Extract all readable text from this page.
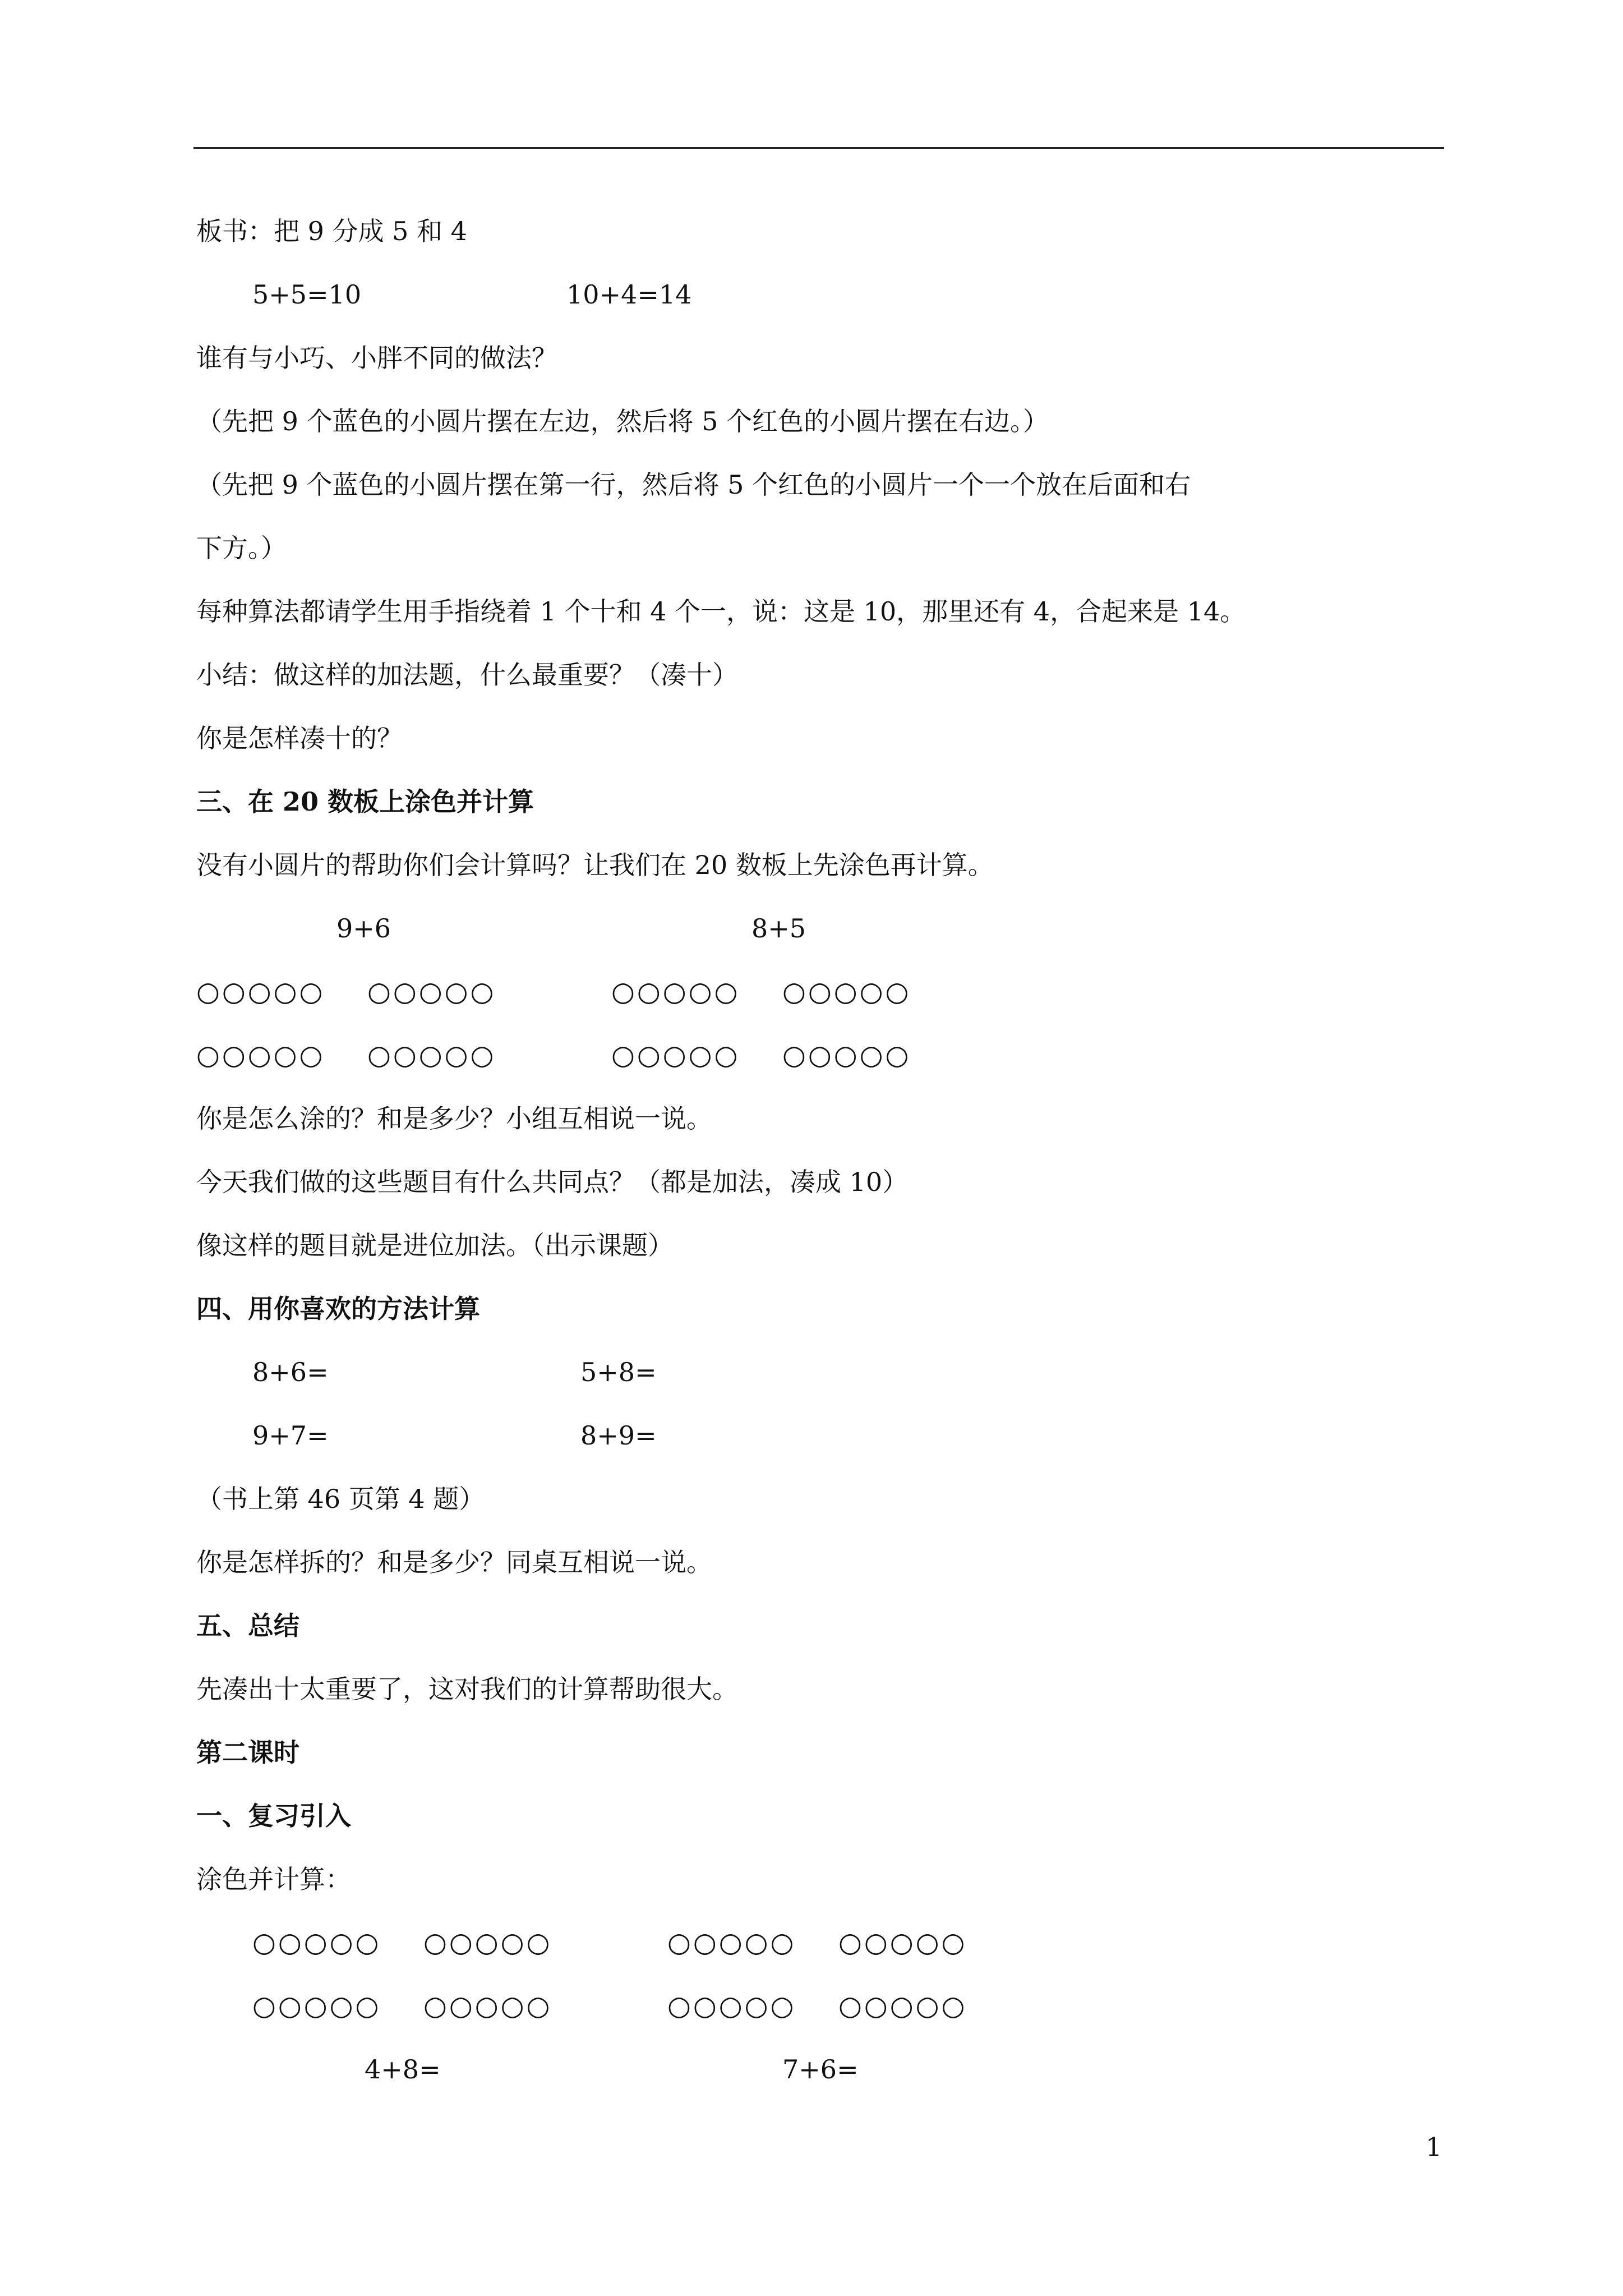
板书：把 9 分成 5 和 4
5+5=10	10+4=14
谁有与小巧、小胖不同的做法？
（先把 9 个蓝色的小圆片摆在左边，然后将 5 个红色的小圆片摆在右边。）
（先把 9 个蓝色的小圆片摆在第一行，然后将 5 个红色的小圆片一个一个放在后面和右
下方。）
每种算法都请学生用手指绕着 1 个十和 4 个一，说：这是 10，那里还有 4，合起来是 14。
小结：做这样的加法题，什么最重要？（凑十）
你是怎样凑十的？
三、在 20 数板上涂色并计算
没有小圆片的帮助你们会计算吗？让我们在 20 数板上先涂色再计算。
9+6	8+5
○○○○○ ○○○○○	○○○○○ ○○○○○
○○○○○ ○○○○○	○○○○○ ○○○○○
你是怎么涂的？和是多少？小组互相说一说。
今天我们做的这些题目有什么共同点？（都是加法，凑成 10）
像这样的题目就是进位加法。（出示课题）
四、用你喜欢的方法计算
8+6=	5+8=
9+7=	8+9=
（书上第 46 页第 4 题）
你是怎样拆的？和是多少？同桌互相说一说。
五、总结
先凑出十太重要了，这对我们的计算帮助很大。
第二课时
一、复习引入
涂色并计算：
○○○○○ ○○○○○	○○○○○ ○○○○○
○○○○○ ○○○○○	○○○○○ ○○○○○
4+8=	7+6=
1
